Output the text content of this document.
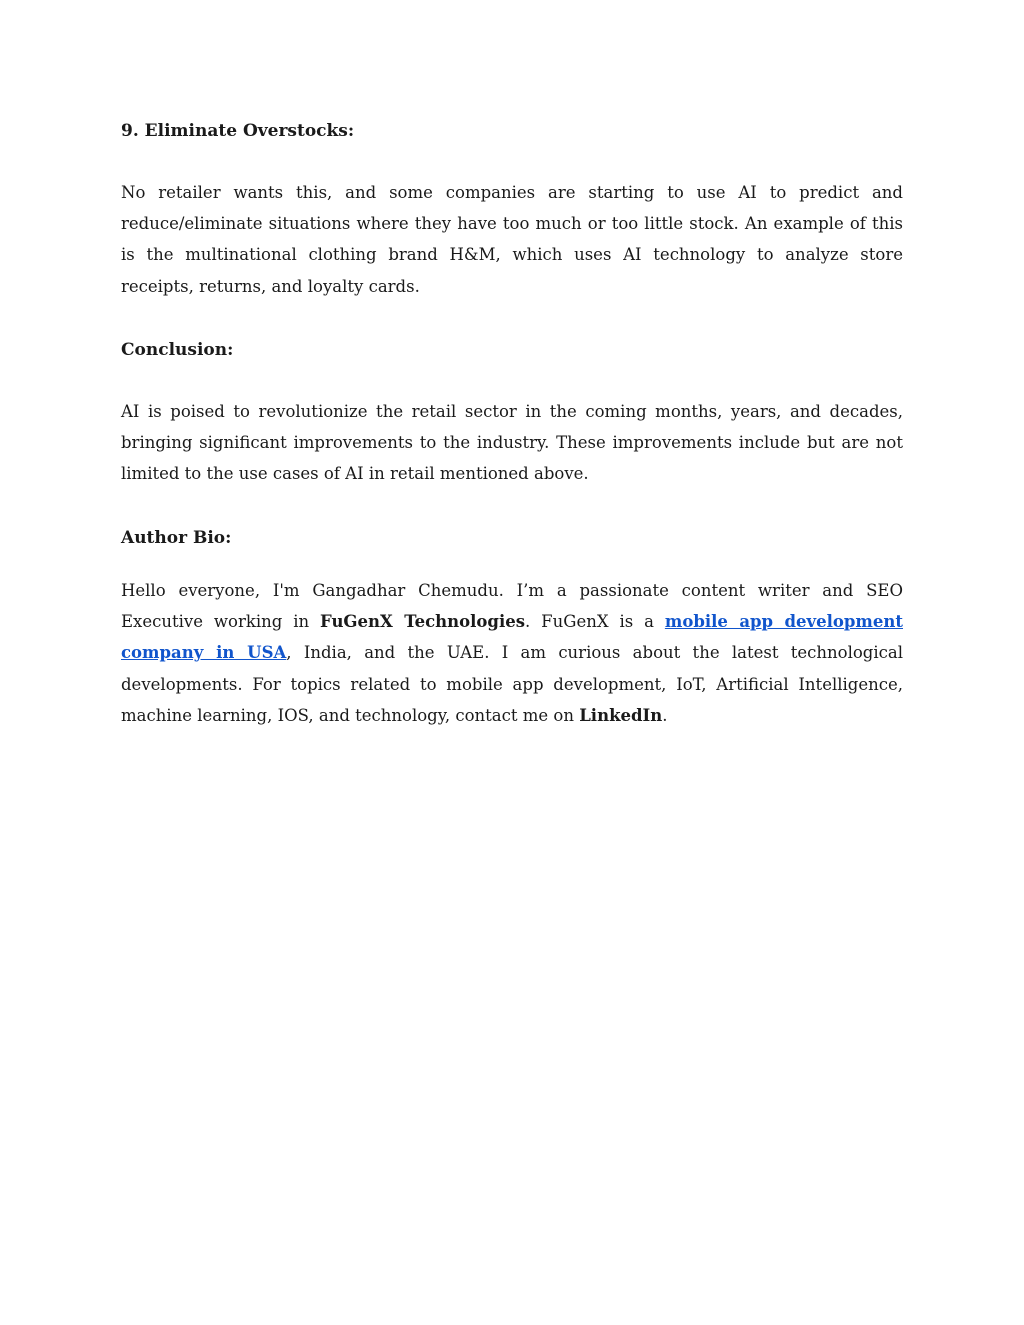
9. Eliminate Overstocks:

No retailer wants this, and some companies are starting to use AI to predict and reduce/eliminate situations where they have too much or too little stock. An example of this is the multinational clothing brand H&M, which uses AI technology to analyze store receipts, returns, and loyalty cards.

Conclusion:

AI is poised to revolutionize the retail sector in the coming months, years, and decades, bringing significant improvements to the industry. These improvements include but are not limited to the use cases of AI in retail mentioned above.

Author Bio:

Hello everyone, I'm Gangadhar Chemudu. I’m a passionate content writer and SEO Executive working in FuGenX Technologies. FuGenX is a mobile app development company in USA, India, and the UAE. I am curious about the latest technological developments. For topics related to mobile app development, IoT, Artificial Intelligence, machine learning, IOS, and technology, contact me on LinkedIn.
